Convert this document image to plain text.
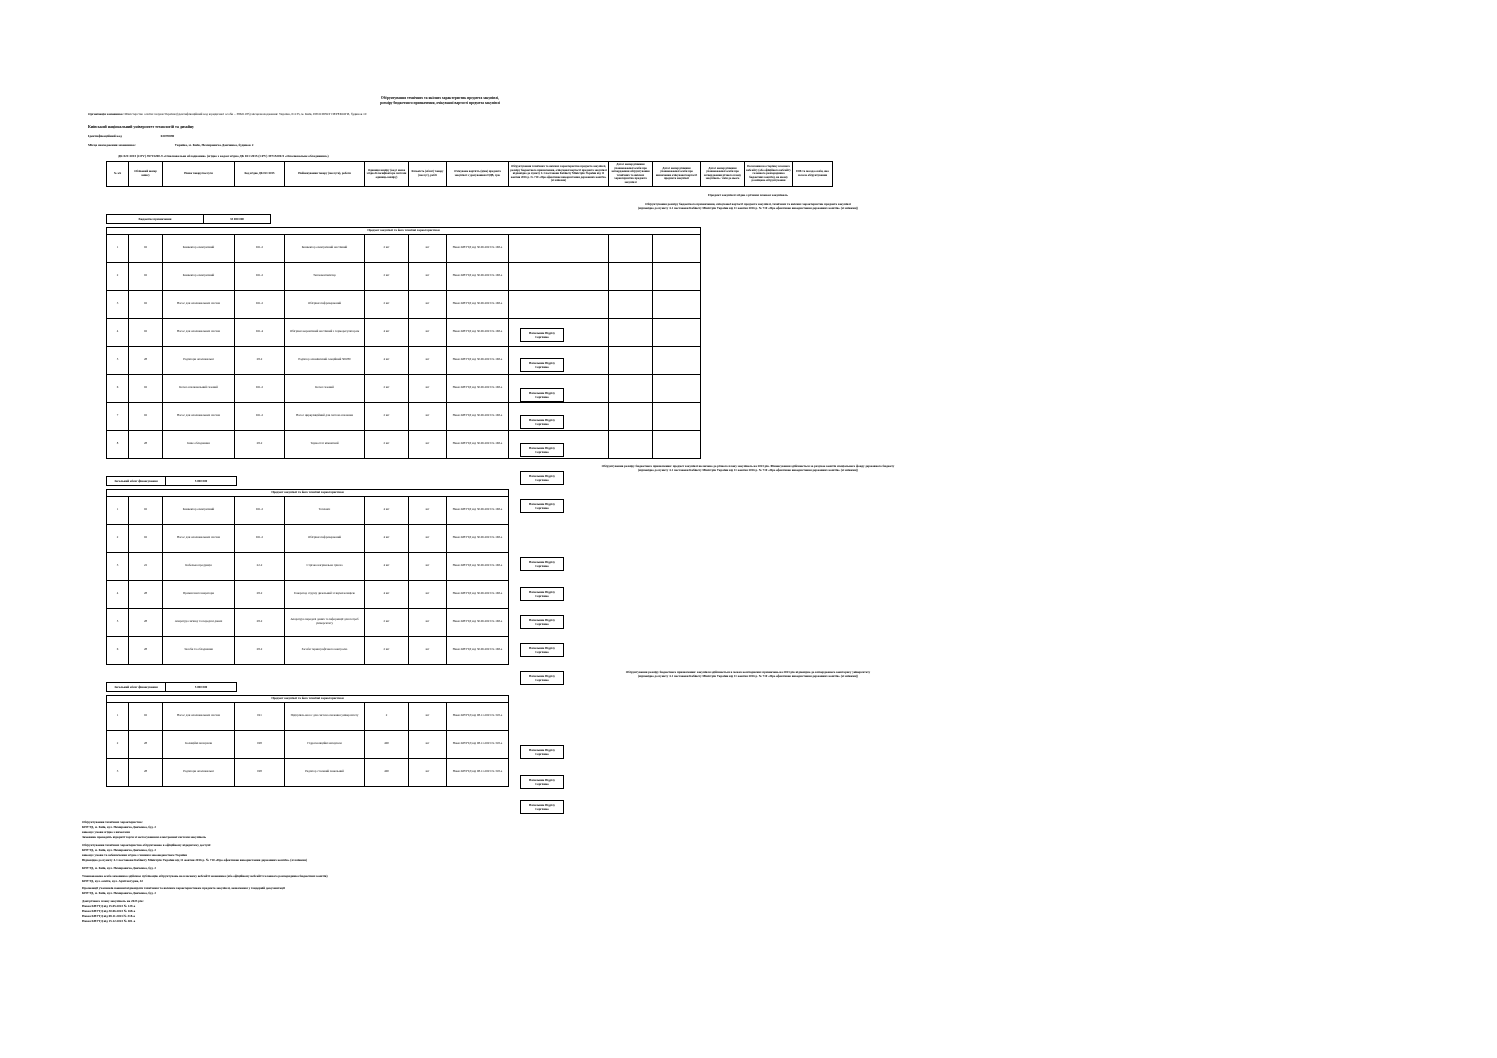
Обґрунтування технічних та якісних характеристик предмета закупівлі,
розміру бюджетного призначення, очікуваної вартості предмета закупівлі
Організація замовника: Міністерство освіти і науки України (Ідентифікаційний код юридичної особи – 38621185) місцезнаходження: Україна, 01135, м. Київ, ПРОСПЕКТ ПЕРЕМОГИ, будинок 10
Київський національний університет технологій та дизайну
Ідентифікаційний код	02070890
Місце знаходження замовника:	Україна, м. Київ, Нємировича-Данченка, будинок 2
ДК 021:2015 (CPV) 39715200-9 «Опалювальне обладнання» (згідно з кодом згідно ДК 021:2015 (CPV) 39715200-9 «Опалювальне обладнання»)
№ з/п	Обліковий номер запису	Назва товару/послуги	Код згідно ДК 021:2015	Найменування товару (послуги), роботи	Одиниця виміру (код і назва згідно Класифікатора системи одиниць виміру)	Кількість (обсяг) товару (послуг), робіт	Очікувана вартість (ціна) предмета закупівлі з урахуванням ПДВ, грн.	Обґрунтування технічних та якісних характеристик предмета закупівлі, розміру бюджетного призначення, очікуваної вартості предмета закупівлі відповідно до пункту 4-1 постанови Кабінету Міністрів України від 11 жовтня 2016 р. № 710 «Про ефективне використання державних коштів» (зі змінами)	Дата і номер рішення уповноваженої особи про затвердження обґрунтування технічних та якісних характеристик предмета закупівлі	Дата і номер рішення уповноваженої особи про визначення очікуваної вартості предмета закупівлі	Дата і номер рішення уповноваженої особи про затвердження річного плану закупівель / змін до нього	Посилання на сторінку власного вебсайту (або офіційного вебсайту головного розпорядника бюджетних коштів), на якому розміщено обґрунтування	ПІБ та посада особи, яка склала обґрунтування
Предмет закупівлі згідно з річним планом закупівель
Обґрунтування розміру бюджетного призначення, очікуваної вартості предмета закупівлі, технічних та якісних характеристик предмета закупівлі
(відповідно до пункту 4-1 постанови Кабінету Міністрів України від 11 жовтня 2016 р. № 710 «Про ефективне використання державних коштів» (зі змінами))
Бюджетне призначення	35 000 000
Предмет закупівлі та його технічні характеристики										
1	02	Конвектор електричний	021-2	Конвектор електричний настінний	2 шт	шт	Наказ КНУТД від 30.06.2023 № 168-а			
2	02	Конвектор електричний	021-2	Тепловентилятор	2 шт	шт	Наказ КНУТД від 30.06.2023 № 168-а			
3	02	Насос для опалювальних систем	021-2	Обігрівач інфрачервоний	2 шт	шт	Наказ КНУТД від 30.06.2023 № 168-а			
4	02	Насос для опалювальних систем	021-4	Обігрівач керамічний настінний з терморегулятором	4 шт	шт	Наказ КНУТД від 30.06.2023 № 168-а			
5	28	Радіатори опалювальні	28-2	Радіатор алюмінієвий секційний 500/80	4 шт	шт	Наказ КНУТД від 30.06.2023 № 168-а			
6	02	Котел опалювальний газовий	021-2	Котел газовий	2 шт	шт	Наказ КНУТД від 30.06.2023 № 168-а			
7	02	Насос для опалювальних систем	021-2	Насос циркуляційний для систем опалення	2 шт	шт	Наказ КНУТД від 30.06.2023 № 168-а			
8	28	Інше обладнання	28-2	Термостат кімнатний	2 шт	шт	Наказ КНУТД від 30.06.2023 № 168-а			
Обґрунтування розміру бюджетного призначення: предмет закупівлі включено до річного плану закупівель на 2023 рік. Фінансування здійснюється за рахунок коштів спеціального фонду державного бюджету
(відповідно до пункту 4-1 постанови Кабінету Міністрів України від 11 жовтня 2016 р. № 710 «Про ефективне використання державних коштів» (зі змінами))
Загальний обсяг фінансування	5 000 000
Предмет закупівлі та його технічні характеристики							
1	02	Конвектор електричний	021-2	Тепловіз	4 шт	шт	Наказ КНУТД від 30.06.2023 № 168-а
2	02	Насос для опалювальних систем	021-2	Обігрівач інфрачервоний	4 шт	шт	Наказ КНУТД від 30.06.2023 № 168-а
3	22	Кабельна продукція	22-2	Стрічка нагрівальна гріюча	4 шт	шт	Наказ КНУТД від 30.06.2023 № 168-а
4	28	Промислові генератори	28-2	Генератор струму дизельний зі звукоізоляцією	4 шт	шт	Наказ КНУТД від 30.06.2023 № 168-а
5	28	Апаратура зв'язку та передачі даних	28-2	Апаратура передачі даних та інформації для потреб університету	2 шт	шт	Наказ КНУТД від 30.06.2023 № 168-а
6	28	Засоби та обладнання	28-2	Засоби термографічного контролю	2 шт	шт	Наказ КНУТД від 30.06.2023 № 168-а
Обґрунтування розміру бюджетного призначення: закупівля здійснюється в межах кошторисних призначень на 2023 рік відповідно до затвердженого кошторису університету
(відповідно до пункту 4-1 постанови Кабінету Міністрів України від 11 жовтня 2016 р. № 710 «Про ефективне використання державних коштів» (зі змінами))
Загальний обсяг фінансування	5 000 000
Предмет закупівлі та його технічні характеристики							
1	02	Насос для опалювальних систем	021	Підігрівач-насос для систем опалення університету	2	шт	Наказ КНУТД від 08.11.2023 № 318-а
2	28	Ізоляційні матеріали	028	Гідроізоляційні матеріали	400	шт	Наказ КНУТД від 08.11.2023 № 318-а
3	28	Радіатори опалювальні	028	Радіатор сталевий панельний	400	шт	Наказ КНУТД від 08.11.2023 № 318-а
Начальник Відділу Сергієнко
Начальник Відділу Сергієнко
Начальник Відділу Сергієнко
Начальник Відділу Сергієнко
Начальник Відділу Сергієнко
Начальник Відділу Сергієнко
Начальник Відділу Сергієнко
Начальник Відділу Сергієнко
Начальник Відділу Сергієнко
Начальник Відділу Сергієнко
Начальник Відділу Сергієнко
Начальник Відділу Сергієнко
Начальник Відділу Сергієнко
Начальник Відділу Сергієнко
Начальник Відділу Сергієнко
Обґрунтування технічних характеристик:
КНУТД, м. Київ, вул. Немировича-Данченка, буд. 2
виконує умови згідно з вимогами
Замовник проводить відкриті торги зі застосуванням електронної системи закупівель
Обґрунтування технічних характеристик обґрунтовано в офіційному відкритому доступі:
КНУТД, м. Київ, вул. Немировича-Данченка, буд. 2
виконує умови та забезпечення згідно з чинним законодавством України
Відповідно до пункту 4-1 постанови Кабінету Міністрів України від 11 жовтня 2016 р. № 710 «Про ефективне використання державних коштів» (зі змінами)
КНУТД, м. Київ, вул. Немировича-Данченка, буд. 2
Уповноважена особа замовника здійснює публікацію обґрунтувань на власному вебсайті замовника (або офіційному вебсайті головного розпорядника бюджетних коштів)
КНУТД, вул. освіти, вул. Архітектурна, 42
Пропозиції учасників повинні відповідати технічним та якісним характеристикам предмета закупівлі, зазначеним у тендерній документації
КНУТД, м. Київ, вул. Немировича-Данченка, буд. 2
Дані річного плану закупівель на 2023 рік:
Наказ КНУТД від 15.05.2023 № 129-а
Наказ КНУТД від 30.06.2023 № 168-а
Наказ КНУТД від 08.11.2023 № 318-а
Наказ КНУТД від 15.12.2023 № 401-а
